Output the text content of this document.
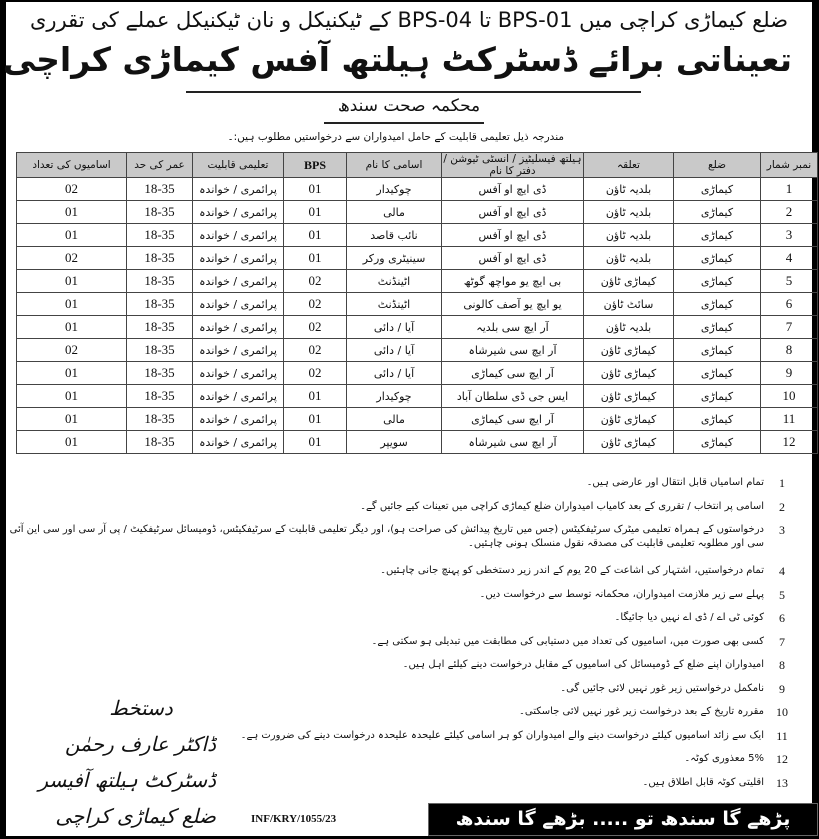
ضلع کیماڑی کراچی میں BPS-01 تا BPS-04 کے ٹیکنیکل و نان ٹیکنیکل عملے کی تقرری
تعیناتی برائے ڈسٹرکٹ ہیلتھ آفس کیماڑی کراچی
محکمہ صحت سندھ
مندرجہ ذیل تعلیمی قابلیت کے حامل امیدواران سے درخواستیں مطلوب ہیں:۔
نمبر شمار	ضلع	تعلقہ	ہیلتھ فیسلیٹیز / انسٹی ٹیوشن / دفتر کا نام	اسامی کا نام	BPS	تعلیمی قابلیت	عمر کی حد	اسامیوں کی تعداد
1	کیماڑی	بلدیہ ٹاؤن	ڈی ایچ او آفس	چوکیدار	01	پرائمری / خواندہ	18-35	02
2	کیماڑی	بلدیہ ٹاؤن	ڈی ایچ او آفس	مالی	01	پرائمری / خواندہ	18-35	01
3	کیماڑی	بلدیہ ٹاؤن	ڈی ایچ او آفس	نائب قاصد	01	پرائمری / خواندہ	18-35	01
4	کیماڑی	بلدیہ ٹاؤن	ڈی ایچ او آفس	سینیٹری ورکر	01	پرائمری / خواندہ	18-35	02
5	کیماڑی	کیماڑی ٹاؤن	بی ایچ یو مواچھ گوٹھ	اٹینڈنٹ	02	پرائمری / خواندہ	18-35	01
6	کیماڑی	سائٹ ٹاؤن	یو ایچ یو آصف کالونی	اٹینڈنٹ	02	پرائمری / خواندہ	18-35	01
7	کیماڑی	بلدیہ ٹاؤن	آر ایچ سی بلدیہ	آیا / دائی	02	پرائمری / خواندہ	18-35	01
8	کیماڑی	کیماڑی ٹاؤن	آر ایچ سی شیرشاہ	آیا / دائی	02	پرائمری / خواندہ	18-35	02
9	کیماڑی	کیماڑی ٹاؤن	آر ایچ سی کیماڑی	آیا / دائی	02	پرائمری / خواندہ	18-35	01
10	کیماڑی	کیماڑی ٹاؤن	ایس جی ڈی سلطان آباد	چوکیدار	01	پرائمری / خواندہ	18-35	01
11	کیماڑی	کیماڑی ٹاؤن	آر ایچ سی کیماڑی	مالی	01	پرائمری / خواندہ	18-35	01
12	کیماڑی	کیماڑی ٹاؤن	آر ایچ سی شیرشاہ	سویپر	01	پرائمری / خواندہ	18-35	01
1
تمام اسامیاں قابل انتقال اور عارضی ہیں۔
2
اسامی پر انتخاب / تقرری کے بعد کامیاب امیدواران ضلع کیماڑی کراچی میں تعینات کیے جائیں گے۔
3
درخواستوں کے ہمراہ تعلیمی میٹرک سرٹیفکیٹس (جس میں تاریخ پیدائش کی صراحت ہو)، اور دیگر تعلیمی قابلیت کے سرٹیفکیٹس، ڈومیسائل سرٹیفکیٹ / پی آر سی اور سی این آئی سی اور مطلوبہ تعلیمی قابلیت کی مصدقہ نقول منسلک ہونی چاہئیں۔
4
تمام درخواستیں، اشتہار کی اشاعت کے 20 یوم کے اندر زیر دستخطی کو پہنچ جانی چاہئیں۔
5
پہلے سے زیر ملازمت امیدواران، محکمانہ توسط سے درخواست دیں۔
6
کوئی ٹی اے / ڈی اے نہیں دیا جائیگا۔
7
کسی بھی صورت میں، اسامیوں کی تعداد میں دستیابی کی مطابقت میں تبدیلی ہو سکتی ہے۔
8
امیدواران اپنے ضلع کے ڈومیسائل کی اسامیوں کے مقابل درخواست دینے کیلئے اہل ہیں۔
9
نامکمل درخواستیں زیر غور نہیں لائی جائیں گی۔
10
مقررہ تاریخ کے بعد درخواست زیر غور نہیں لائی جاسکتی۔
11
ایک سے زائد اسامیوں کیلئے درخواست دینے والے امیدواران کو ہر اسامی کیلئے علیحدہ علیحدہ درخواست دینے کی ضرورت ہے۔
12
5% معذوری کوٹہ۔
13
اقلیتی کوٹہ قابل اطلاق ہیں۔
دستخط
ڈاکٹر عارف رحمٰن
ڈسٹرکٹ ہیلتھ آفیسر
ضلع کیماڑی کراچی	INF/KRY/1055/23	پڑھے گا سندھ تو ..... بڑھے گا سندھ
